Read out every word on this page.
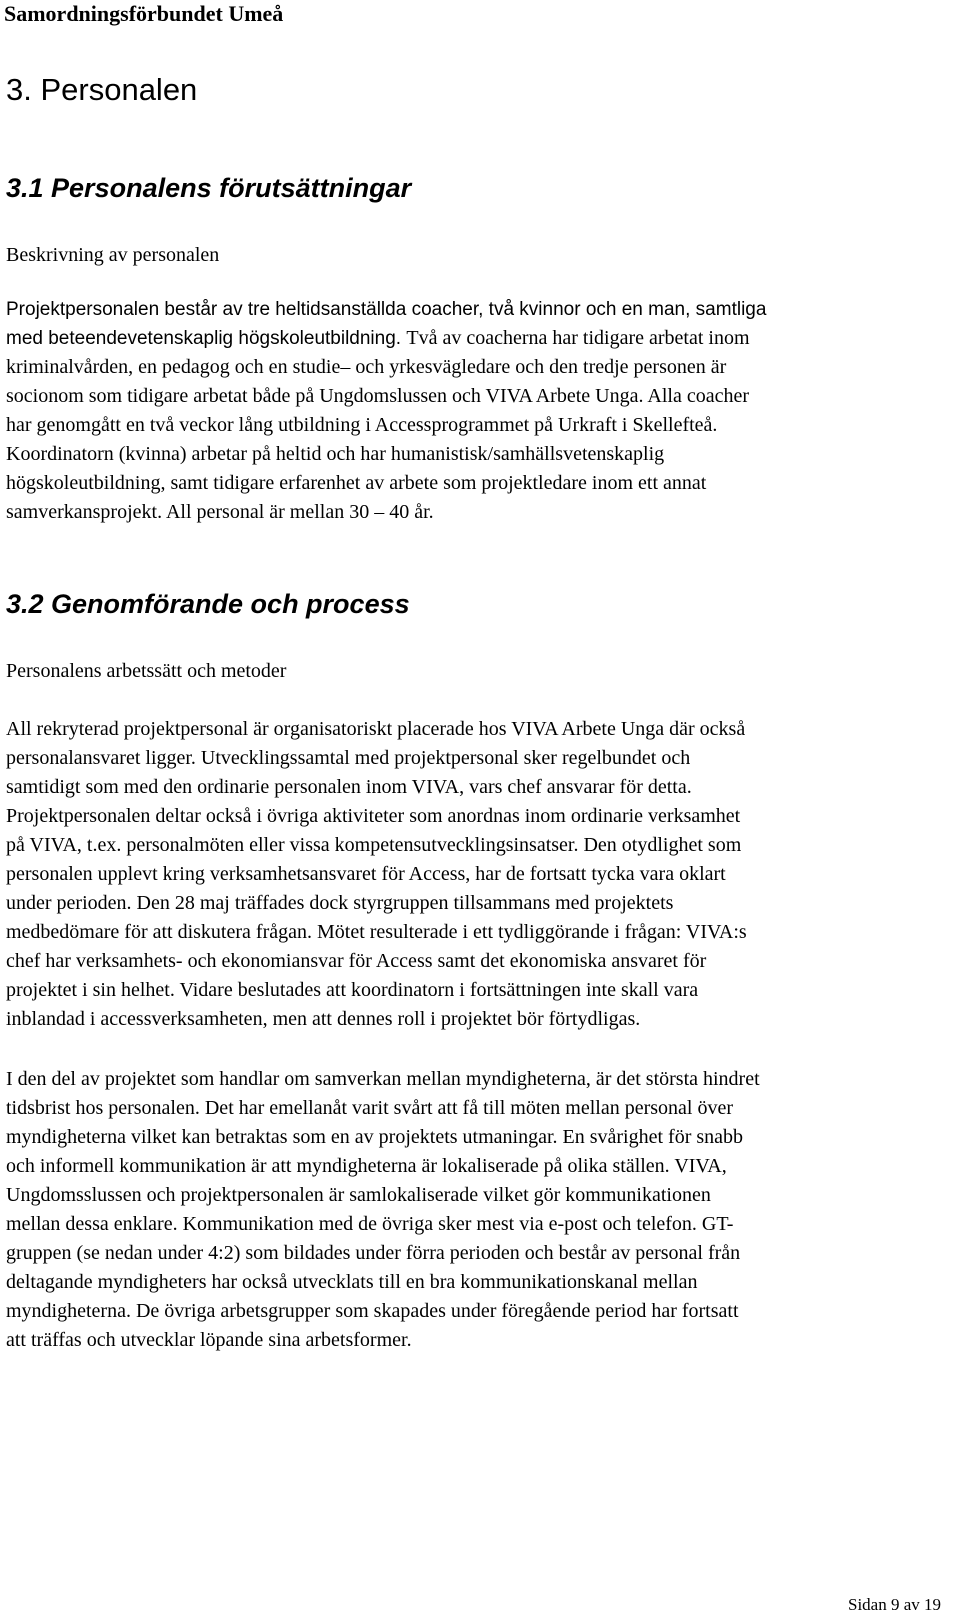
Samordningsförbundet Umeå
3. Personalen
3.1 Personalens förutsättningar
Beskrivning av personalen
Projektpersonalen består av tre heltidsanställda coacher, två kvinnor och en man, samtliga
med beteendevetenskaplig högskoleutbildning. Två av coacherna har tidigare arbetat inom
kriminalvården, en pedagog och en studie– och yrkesvägledare och den tredje personen är
socionom som tidigare arbetat både på Ungdomslussen och VIVA Arbete Unga. Alla coacher
har genomgått en två veckor lång utbildning i Accessprogrammet på Urkraft i Skellefteå.
Koordinatorn (kvinna) arbetar på heltid och har humanistisk/samhällsvetenskaplig
högskoleutbildning, samt tidigare erfarenhet av arbete som projektledare inom ett annat
samverkansprojekt. All personal är mellan 30 – 40 år.
3.2 Genomförande och process
Personalens arbetssätt och metoder
All rekryterad projektpersonal är organisatoriskt placerade hos VIVA Arbete Unga där också
personalansvaret ligger. Utvecklingssamtal med projektpersonal sker regelbundet och
samtidigt som med den ordinarie personalen inom VIVA, vars chef ansvarar för detta.
Projektpersonalen deltar också i övriga aktiviteter som anordnas inom ordinarie verksamhet
på VIVA, t.ex. personalmöten eller vissa kompetensutvecklingsinsatser. Den otydlighet som
personalen upplevt kring verksamhetsansvaret för Access, har de fortsatt tycka vara oklart
under perioden. Den 28 maj träffades dock styrgruppen tillsammans med projektets
medbedömare för att diskutera frågan. Mötet resulterade i ett tydliggörande i frågan: VIVA:s
chef har verksamhets- och ekonomiansvar för Access samt det ekonomiska ansvaret för
projektet i sin helhet. Vidare beslutades att koordinatorn i fortsättningen inte skall vara
inblandad i accessverksamheten, men att dennes roll i projektet bör förtydligas.
I den del av projektet som handlar om samverkan mellan myndigheterna, är det största hindret
tidsbrist hos personalen. Det har emellanåt varit svårt att få till möten mellan personal över
myndigheterna vilket kan betraktas som en av projektets utmaningar. En svårighet för snabb
och informell kommunikation är att myndigheterna är lokaliserade på olika ställen. VIVA,
Ungdomsslussen och projektpersonalen är samlokaliserade vilket gör kommunikationen
mellan dessa enklare. Kommunikation med de övriga sker mest via e-post och telefon. GT-
gruppen (se nedan under 4:2) som bildades under förra perioden och består av personal från
deltagande myndigheters har också utvecklats till en bra kommunikationskanal mellan
myndigheterna. De övriga arbetsgrupper som skapades under föregående period har fortsatt
att träffas och utvecklar löpande sina arbetsformer.
Sidan 9 av 19
